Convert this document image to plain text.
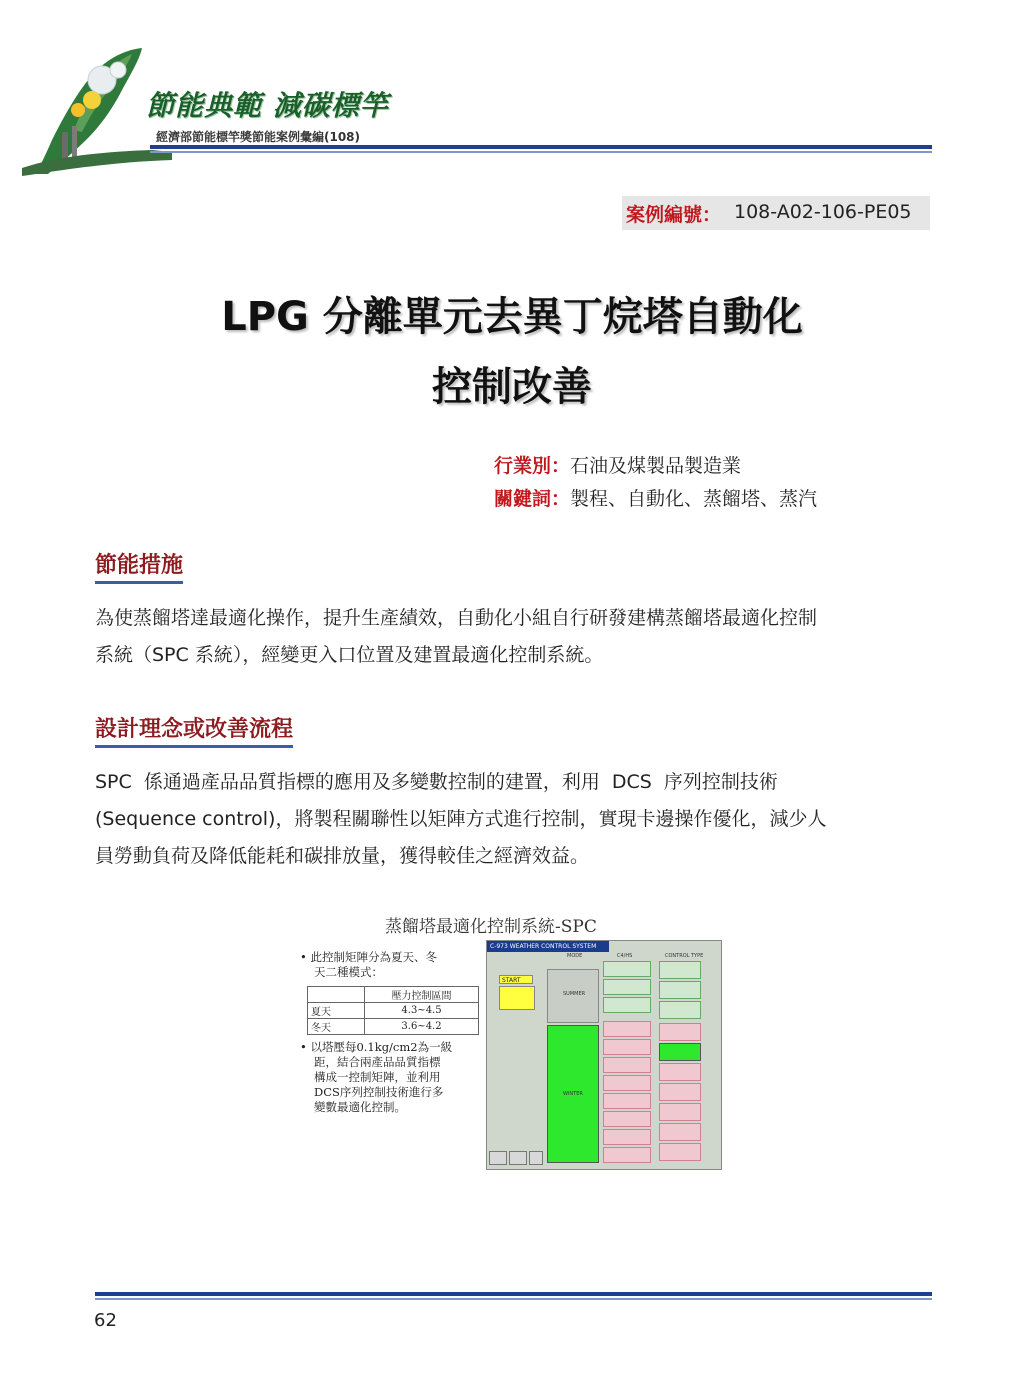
節能典範 減碳標竿
經濟部節能標竿獎節能案例彙編(108)
案例編號： 108-A02-106-PE05
LPG 分離單元去異丁烷塔自動化
控制改善
行業別：石油及煤製品製造業
關鍵詞：製程、自動化、蒸餾塔、蒸汽
節能措施
為使蒸餾塔達最適化操作，提升生產績效，自動化小組自行研發建構蒸餾塔最適化控制
系統（SPC 系統），經變更入口位置及建置最適化控制系統。
設計理念或改善流程
SPC 係通過產品品質指標的應用及多變數控制的建置，利用 DCS 序列控制技術
(Sequence control)，將製程關聯性以矩陣方式進行控制，實現卡邊操作優化，減少人
員勞動負荷及降低能耗和碳排放量，獲得較佳之經濟效益。
蒸餾塔最適化控制系統-SPC
• 此控制矩陣分為夏天、冬
天二種模式：
	壓力控制區間
夏天	4.3~4.5
冬天	3.6~4.2
• 以塔壓每0.1kg/cm2為一級
距，結合兩產品品質指標
構成一控制矩陣，並利用
DCS序列控制技術進行多
變數最適化控制。
C-973 WEATHER CONTROL SYSTEM
MODE	C4/HS	CONTROL TYPE
START
SUMMER
WINTER
62
